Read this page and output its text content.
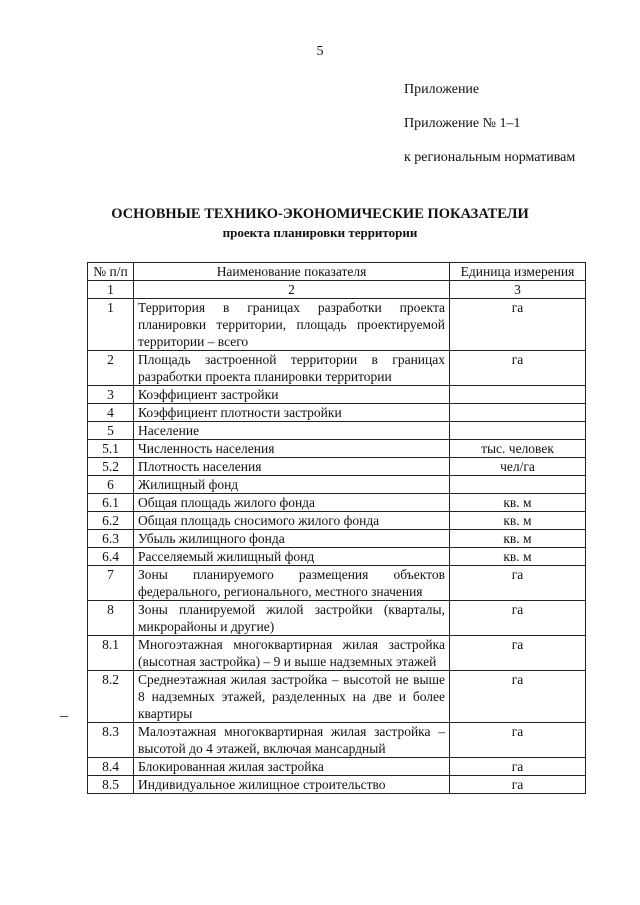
5
Приложение
Приложение № 1–1
к региональным нормативам
ОСНОВНЫЕ ТЕХНИКО-ЭКОНОМИЧЕСКИЕ ПОКАЗАТЕЛИ
проекта планировки территории
№ п/п	Наименование показателя	Единица измерения
1	2	3
1	Территория в границах разработки проекта планировки территории, площадь проектируемой территории – всего	га
2	Площадь застроенной территории в границах разработки проекта планировки территории	га
3	Коэффициент застройки	
4	Коэффициент плотности застройки	
5	Население	
5.1	Численность населения	тыс. человек
5.2	Плотность населения	чел/га
6	Жилищный фонд	
6.1	Общая площадь жилого фонда	кв. м
6.2	Общая площадь сносимого жилого фонда	кв. м
6.3	Убыль жилищного фонда	кв. м
6.4	Расселяемый жилищный фонд	кв. м
7	Зоны планируемого размещения объектов федерального, регионального, местного значения	га
8	Зоны планируемой жилой застройки (кварталы, микрорайоны и другие)	га
8.1	Многоэтажная многоквартирная жилая застройка (высотная застройка) – 9 и выше надземных этажей	га
8.2	Среднеэтажная жилая застройка – высотой не выше 8 надземных этажей, разделенных на две и более квартиры	га
8.3	Малоэтажная многоквартирная жилая застройка – высотой до 4 этажей, включая мансардный	га
8.4	Блокированная жилая застройка	га
8.5	Индивидуальное жилищное строительство	га
